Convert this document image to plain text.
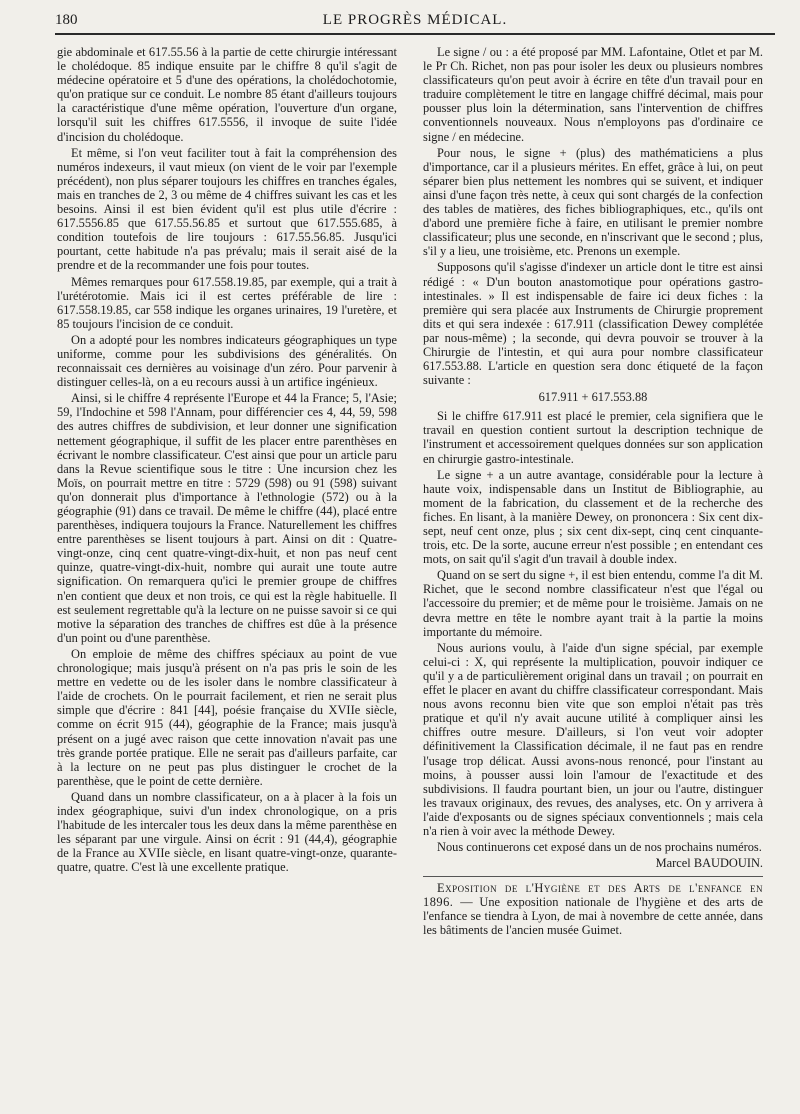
180	LE PROGRÈS MÉDICAL.

gie abdominale et 617.55.56 à la partie de cette chirurgie intéressant le cholédoque. 85 indique ensuite par le chiffre 8 qu'il s'agit de médecine opératoire et 5 d'une des opérations, la cholédochotomie, qu'on pratique sur ce conduit. Le nombre 85 étant d'ailleurs toujours la caractéristique d'une même opération, l'ouverture d'un organe, lorsqu'il suit les chiffres 617.5556, il invoque de suite l'idée d'incision du cholédoque.

Et même, si l'on veut faciliter tout à fait la compréhension des numéros indexeurs, il vaut mieux (on vient de le voir par l'exemple précédent), non plus séparer toujours les chiffres en tranches égales, mais en tranches de 2, 3 ou même de 4 chiffres suivant les cas et les besoins. Ainsi il est bien évident qu'il est plus utile d'écrire : 617.5556.85 que 617.55.56.85 et surtout que 617.555.685, à condition toutefois de lire toujours : 617.55.56.85. Jusqu'ici pourtant, cette habitude n'a pas prévalu; mais il serait aisé de la prendre et de la recommander une fois pour toutes.

Mêmes remarques pour 617.558.19.85, par exemple, qui a trait à l'urétérotomie. Mais ici il est certes préférable de lire : 617.558.19.85, car 558 indique les organes urinaires, 19 l'uretère, et 85 toujours l'incision de ce conduit.

On a adopté pour les nombres indicateurs géographiques un type uniforme, comme pour les subdivisions des généralités. On reconnaissait ces dernières au voisinage d'un zéro. Pour parvenir à distinguer celles-là, on a eu recours aussi à un artifice ingénieux.

Ainsi, si le chiffre 4 représente l'Europe et 44 la France; 5, l'Asie; 59, l'Indochine et 598 l'Annam, pour différencier ces 4, 44, 59, 598 des autres chiffres de subdivision, et leur donner une signification nettement géographique, il suffit de les placer entre parenthèses en écrivant le nombre classificateur. C'est ainsi que pour un article paru dans la Revue scientifique sous le titre : Une incursion chez les Moïs, on pourrait mettre en titre : 5729 (598) ou 91 (598) suivant qu'on donnerait plus d'importance à l'ethnologie (572) ou à la géographie (91) dans ce travail. De même le chiffre (44), placé entre parenthèses, indiquera toujours la France. Naturellement les chiffres entre parenthèses se lisent toujours à part. Ainsi on dit : Quatre-vingt-onze, cinq cent quatre-vingt-dix-huit, et non pas neuf cent quinze, quatre-vingt-dix-huit, nombre qui aurait une toute autre signification. On remarquera qu'ici le premier groupe de chiffres n'en contient que deux et non trois, ce qui est la règle habituelle. Il est seulement regrettable qu'à la lecture on ne puisse savoir si ce qui motive la séparation des tranches de chiffres est dûe à la présence d'un point ou d'une parenthèse.

On emploie de même des chiffres spéciaux au point de vue chronologique; mais jusqu'à présent on n'a pas pris le soin de les mettre en vedette ou de les isoler dans le nombre classificateur à l'aide de crochets. On le pourrait facilement, et rien ne serait plus simple que d'écrire : 841 [44], poésie française du XVIIe siècle, comme on écrit 915 (44), géographie de la France; mais jusqu'à présent on a jugé avec raison que cette innovation n'avait pas une très grande portée pratique. Elle ne serait pas d'ailleurs parfaite, car à la lecture on ne peut pas plus distinguer le crochet de la parenthèse, que le point de cette dernière.

Quand dans un nombre classificateur, on a à placer à la fois un index géographique, suivi d'un index chronologique, on a pris l'habitude de les intercaler tous les deux dans la même parenthèse en les séparant par une virgule. Ainsi on écrit : 91 (44,4), géographie de la France au XVIIe siècle, en lisant quatre-vingt-onze, quarante-quatre, quatre. C'est là une excellente pratique.

Le signe / ou : a été proposé par MM. Lafontaine, Otlet et par M. le Pr Ch. Richet, non pas pour isoler les deux ou plusieurs nombres classificateurs qu'on peut avoir à écrire en tête d'un travail pour en traduire complètement le titre en langage chiffré décimal, mais pour pousser plus loin la détermination, sans l'intervention de chiffres conventionnels nouveaux. Nous n'employons pas d'ordinaire ce signe / en médecine.

Pour nous, le signe + (plus) des mathématiciens a plus d'importance, car il a plusieurs mérites. En effet, grâce à lui, on peut séparer bien plus nettement les nombres qui se suivent, et indiquer ainsi d'une façon très nette, à ceux qui sont chargés de la confection des tables de matières, des fiches bibliographiques, etc., qu'ils ont d'abord une première fiche à faire, en utilisant le premier nombre classificateur; plus une seconde, en n'inscrivant que le second ; plus, s'il y a lieu, une troisième, etc. Prenons un exemple.

Supposons qu'il s'agisse d'indexer un article dont le titre est ainsi rédigé : « D'un bouton anastomotique pour opérations gastro-intestinales. » Il est indispensable de faire ici deux fiches : la première qui sera placée aux Instruments de Chirurgie proprement dits et qui sera indexée : 617.911 (classification Dewey complétée par nous-même) ; la seconde, qui devra pouvoir se trouver à la Chirurgie de l'intestin, et qui aura pour nombre classificateur 617.553.88. L'article en question sera donc étiqueté de la façon suivante :

617.911 + 617.553.88

Si le chiffre 617.911 est placé le premier, cela signifiera que le travail en question contient surtout la description technique de l'instrument et accessoirement quelques données sur son application en chirurgie gastro-intestinale.

Le signe + a un autre avantage, considérable pour la lecture à haute voix, indispensable dans un Institut de Bibliographie, au moment de la fabrication, du classement et de la recherche des fiches. En lisant, à la manière Dewey, on prononcera : Six cent dix-sept, neuf cent onze, plus ; six cent dix-sept, cinq cent cinquante-trois, etc. De la sorte, aucune erreur n'est possible ; en entendant ces mots, on sait qu'il s'agit d'un travail à double index.

Quand on se sert du signe +, il est bien entendu, comme l'a dit M. Richet, que le second nombre classificateur n'est que l'égal ou l'accessoire du premier; et de même pour le troisième. Jamais on ne devra mettre en tête le nombre ayant trait à la partie la moins importante du mémoire.

Nous aurions voulu, à l'aide d'un signe spécial, par exemple celui-ci : X, qui représente la multiplication, pouvoir indiquer ce qu'il y a de particulièrement original dans un travail ; on pourrait en effet le placer en avant du chiffre classificateur correspondant. Mais nous avons reconnu bien vite que son emploi n'était pas très pratique et qu'il n'y avait aucune utilité à compliquer ainsi les chiffres outre mesure. D'ailleurs, si l'on veut voir adopter définitivement la Classification décimale, il ne faut pas en rendre l'usage trop délicat. Aussi avons-nous renoncé, pour l'instant au moins, à pousser aussi loin l'amour de l'exactitude et des subdivisions. Il faudra pourtant bien, un jour ou l'autre, distinguer les travaux originaux, des revues, des analyses, etc. On y arrivera à l'aide d'exposants ou de signes spéciaux conventionnels ; mais cela n'a rien à voir avec la méthode Dewey.

Nous continuerons cet exposé dans un de nos prochains numéros.

Marcel BAUDOUIN.

Exposition de l'Hygiène et des Arts de l'enfance en 1896. — Une exposition nationale de l'hygiène et des arts de l'enfance se tiendra à Lyon, de mai à novembre de cette année, dans les bâtiments de l'ancien musée Guimet.
